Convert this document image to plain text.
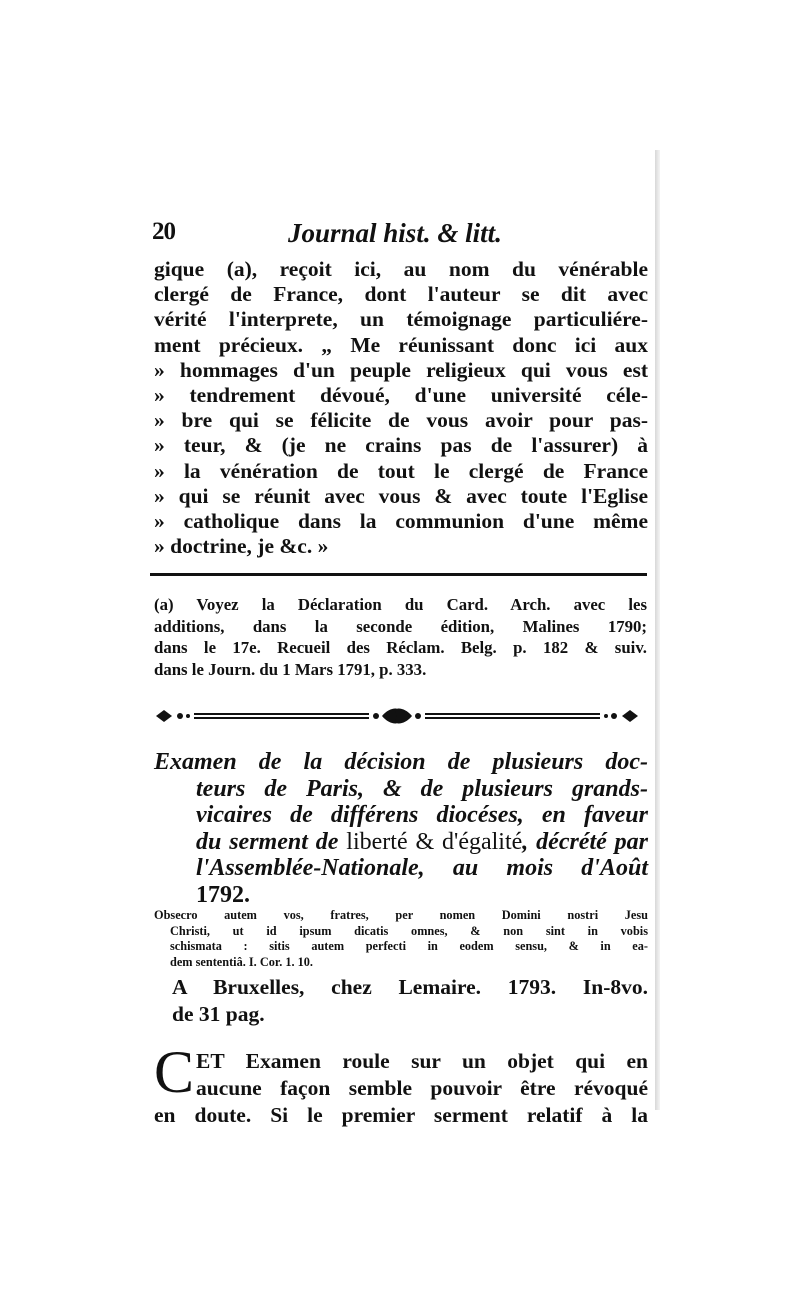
20	Journal hist. & litt.

gique (a), reçoit ici, au nom du vénérable
clergé de France, dont l'auteur se dit avec
vérité l'interprete, un témoignage particuliére-
ment précieux. „ Me réunissant donc ici aux
» hommages d'un peuple religieux qui vous est
» tendrement dévoué, d'une université céle-
» bre qui se félicite de vous avoir pour pas-
» teur, & (je ne crains pas de l'assurer) à
» la vénération de tout le clergé de France
» qui se réunit avec vous & avec toute l'Eglise
» catholique dans la communion d'une même
» doctrine, je &c. »

(a) Voyez la Déclaration du Card. Arch. avec les
additions, dans la seconde édition, Malines 1790;
dans le 17e. Recueil des Réclam. Belg. p. 182 & suiv.
dans le Journ. du 1 Mars 1791, p. 333.

Examen de la décision de plusieurs doc-
teurs de Paris, & de plusieurs grands-
vicaires de différens diocéses, en faveur
du serment de liberté & d'égalité, décrété par
l'Assemblée-Nationale, au mois d'Août
1792.

Obsecro autem vos, fratres, per nomen Domini nostri Jesu
Christi, ut id ipsum dicatis omnes, & non sint in vobis
schismata : sitis autem perfecti in eodem sensu, & in ea-
dem sententiâ. I. Cor. 1. 10.

A Bruxelles, chez Lemaire. 1793. In-8vo.
de 31 pag.

C ET Examen roule sur un objet qui en
aucune façon semble pouvoir être révoqué
en doute. Si le premier serment relatif à la
